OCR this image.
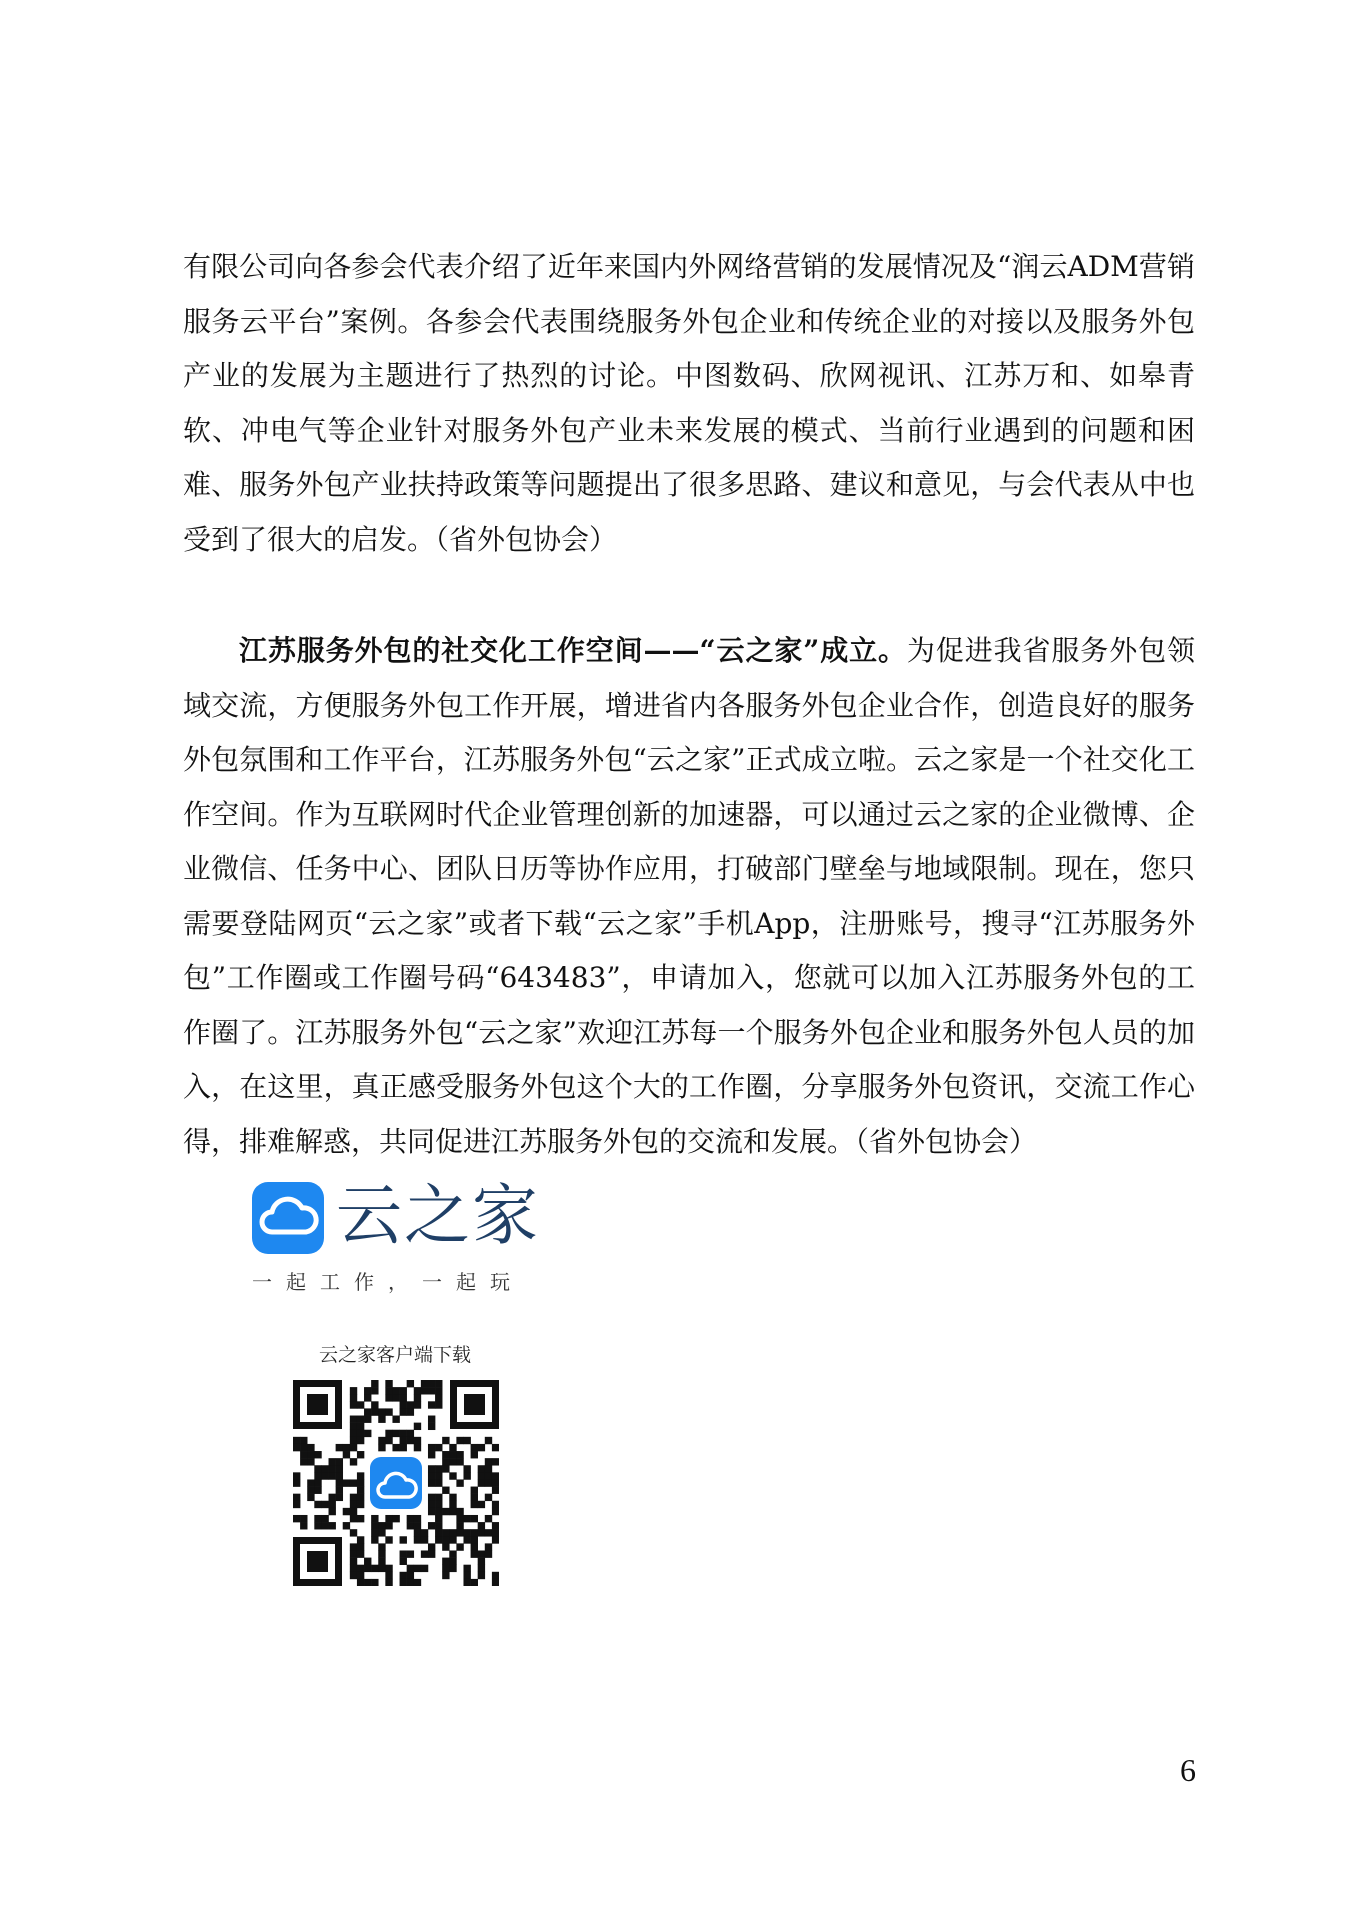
有限公司向各参会代表介绍了近年来国内外网络营销的发展情况及“润云ADM营销服务云平台”案例。各参会代表围绕服务外包企业和传统企业的对接以及服务外包产业的发展为主题进行了热烈的讨论。中图数码、欣网视讯、江苏万和、如皋青软、冲电气等企业针对服务外包产业未来发展的模式、当前行业遇到的问题和困难、服务外包产业扶持政策等问题提出了很多思路、建议和意见，与会代表从中也受到了很大的启发。（省外包协会）

江苏服务外包的社交化工作空间——“云之家”成立。为促进我省服务外包领域交流，方便服务外包工作开展，增进省内各服务外包企业合作，创造良好的服务外包氛围和工作平台，江苏服务外包“云之家”正式成立啦。云之家是一个社交化工作空间。作为互联网时代企业管理创新的加速器，可以通过云之家的企业微博、企业微信、任务中心、团队日历等协作应用，打破部门壁垒与地域限制。现在，您只需要登陆网页“云之家”或者下载“云之家”手机App，注册账号，搜寻“江苏服务外包”工作圈或工作圈号码“643483”，申请加入，您就可以加入江苏服务外包的工作圈了。江苏服务外包“云之家”欢迎江苏每一个服务外包企业和服务外包人员的加入，在这里，真正感受服务外包这个大的工作圈，分享服务外包资讯，交流工作心得，排难解惑，共同促进江苏服务外包的交流和发展。（省外包协会）

云之家
一起工作，一起玩
云之家客户端下载
6
